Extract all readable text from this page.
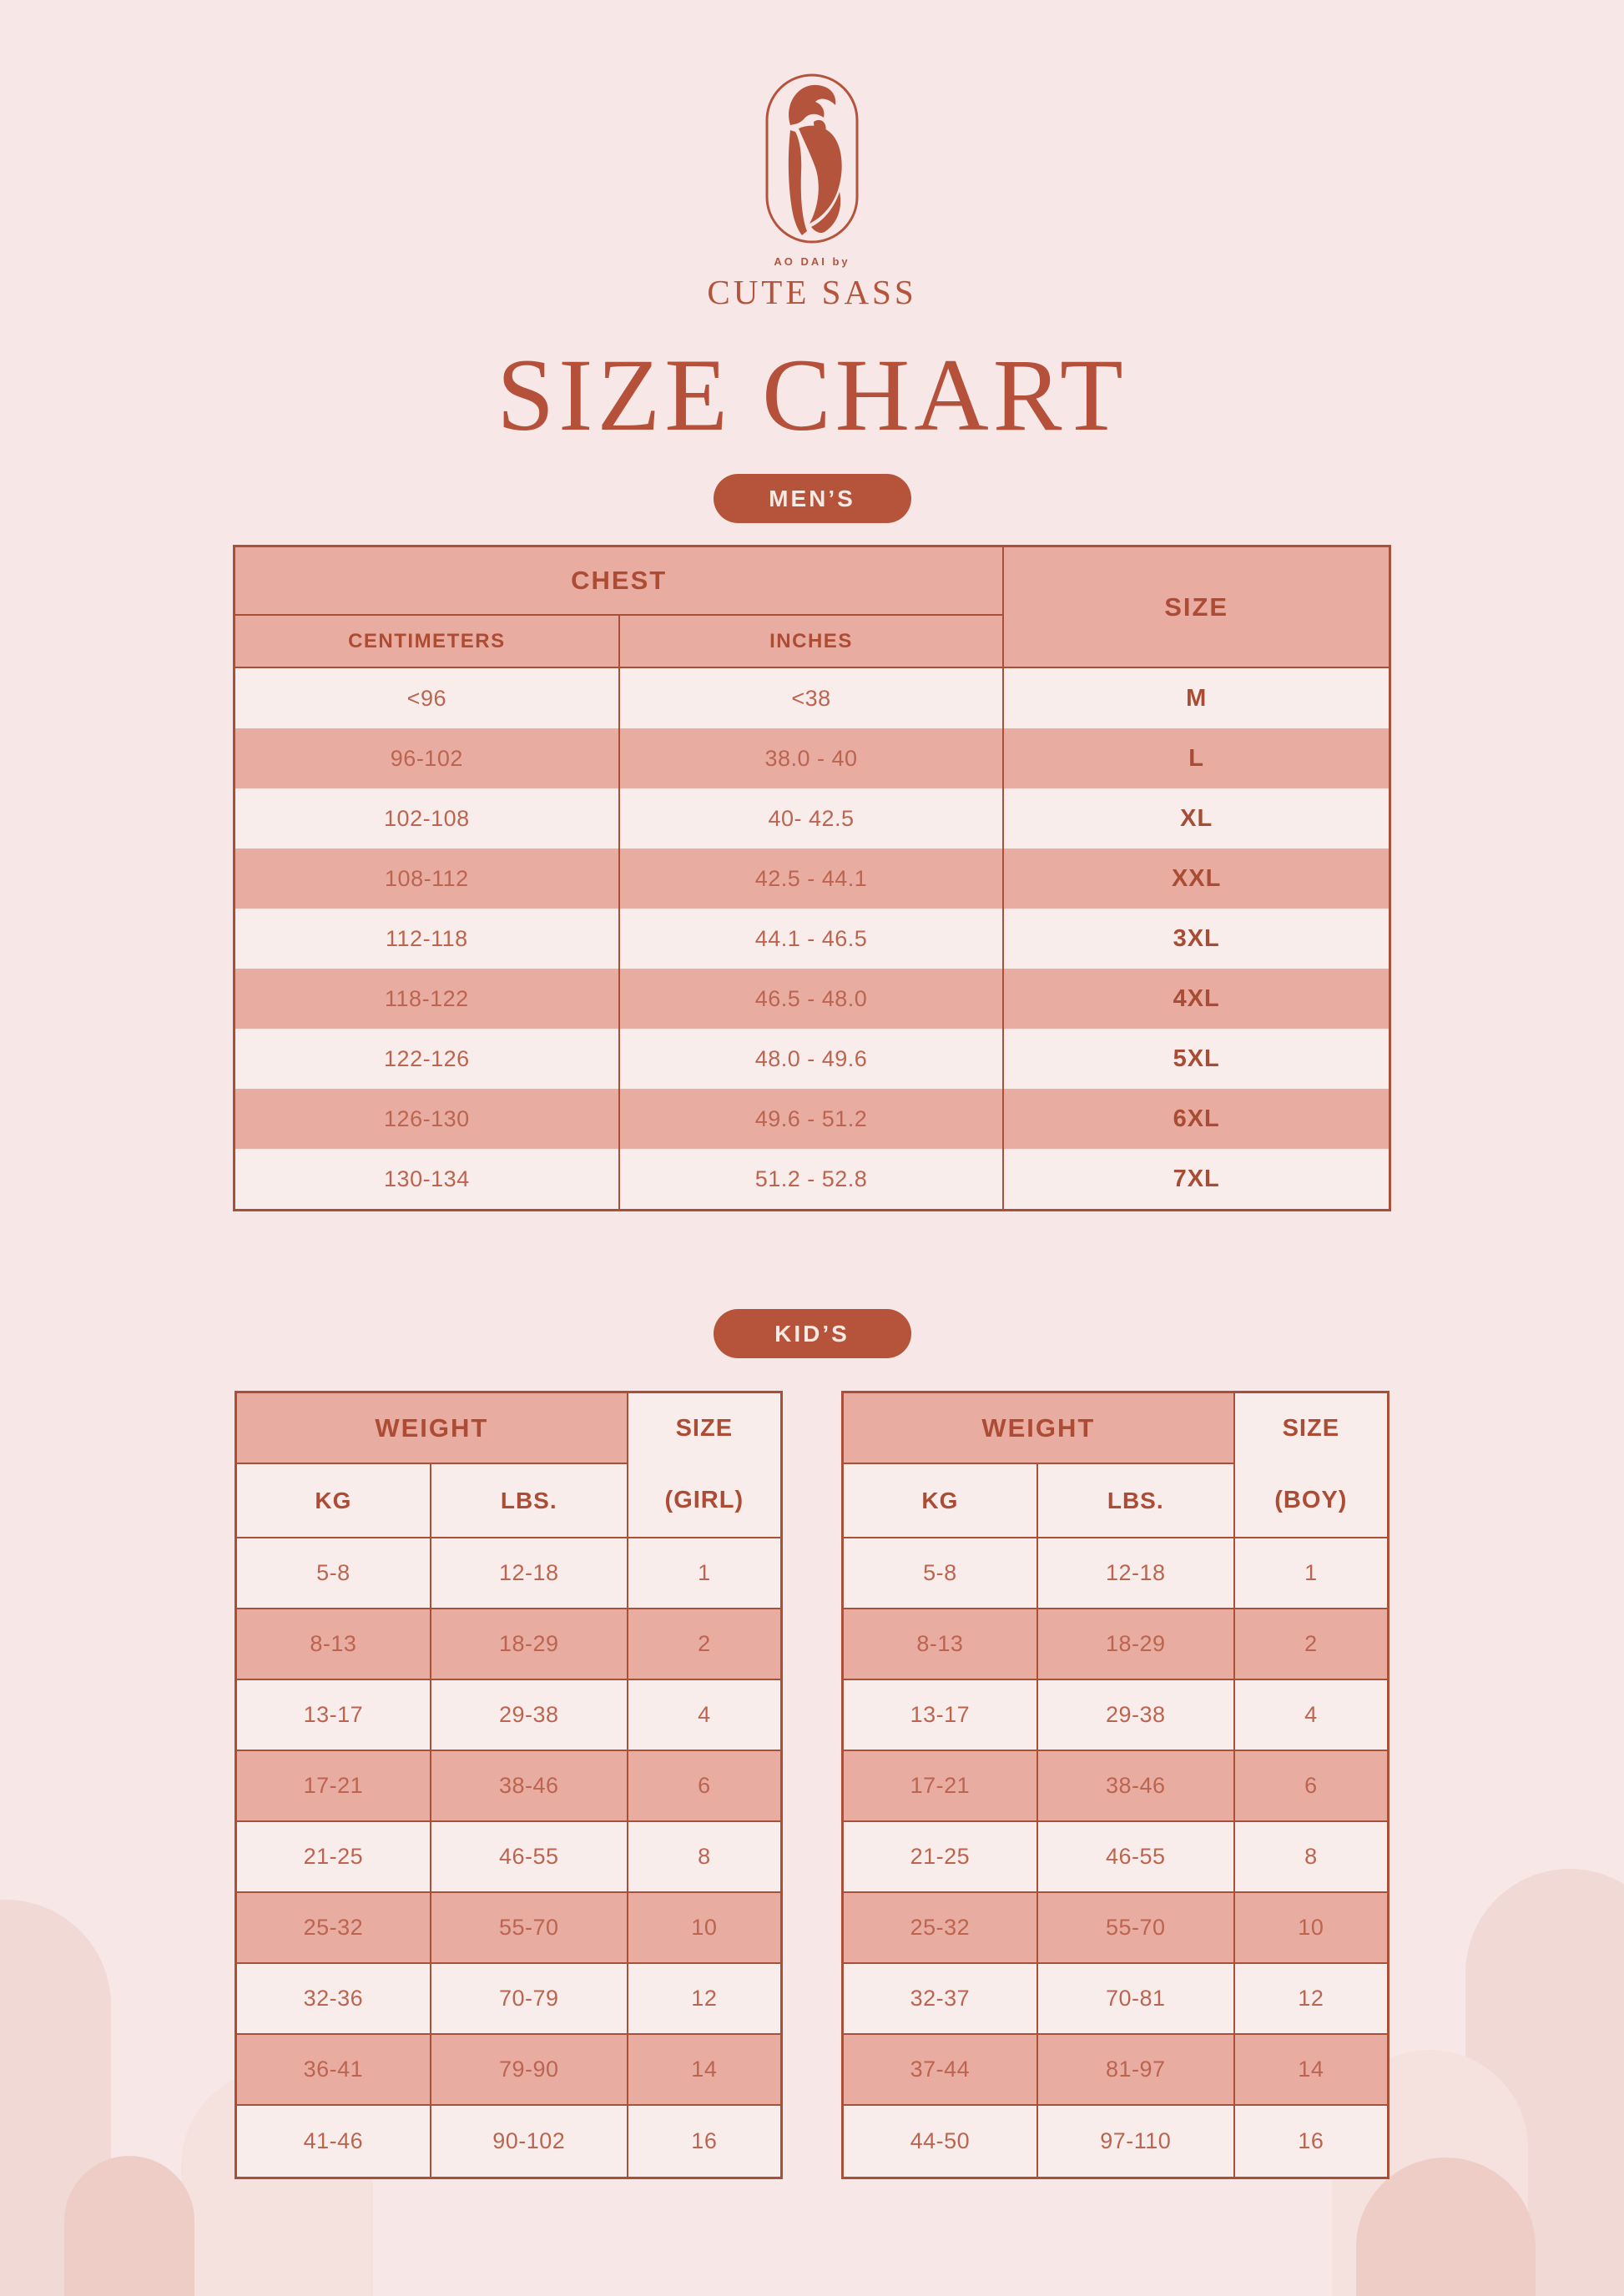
AO DAI by
CUTE SASS
SIZE CHART
MEN’S
CHEST
SIZE
CENTIMETERS	INCHES
<96	<38	M
96-102	38.0 - 40	L
102-108	40- 42.5	XL
108-112	42.5 - 44.1	XXL
112-118	44.1 - 46.5	3XL
118-122	46.5 - 48.0	4XL
122-126	48.0 - 49.6	5XL
126-130	49.6 - 51.2	6XL
130-134	51.2 - 52.8	7XL
KID’S
WEIGHT	SIZE
(GIRL)
KG	LBS.
5-8	12-18	1
8-13	18-29	2
13-17	29-38	4
17-21	38-46	6
21-25	46-55	8
25-32	55-70	10
32-36	70-79	12
36-41	79-90	14
41-46	90-102	16
WEIGHT	SIZE
(BOY)
KG	LBS.
5-8	12-18	1
8-13	18-29	2
13-17	29-38	4
17-21	38-46	6
21-25	46-55	8
25-32	55-70	10
32-37	70-81	12
37-44	81-97	14
44-50	97-110	16
